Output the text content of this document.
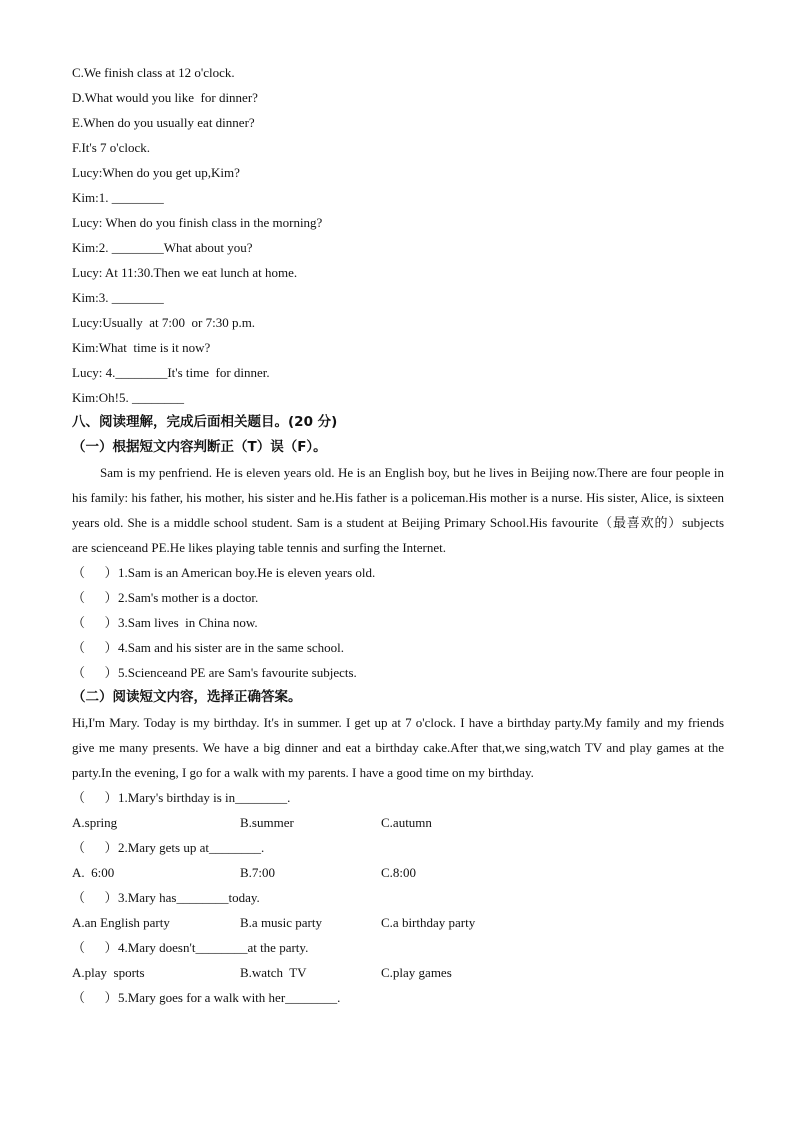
C.We finish class at 12 o'clock.
D.What would you like  for dinner?
E.When do you usually eat dinner?
F.It's 7 o'clock.
Lucy:When do you get up,Kim?
Kim:1. ________
Lucy: When do you finish class in the morning?
Kim:2. ________What about you?
Lucy: At 11:30.Then we eat lunch at home.
Kim:3. ________
Lucy:Usually  at 7:00  or 7:30 p.m.
Kim:What  time is it now?
Lucy: 4.________It's time  for dinner.
Kim:Oh!5. ________
八、阅读理解，完成后面相关题目。(20 分)
（一）根据短文内容判断正（T）误（F）。
Sam is my penfriend. He is eleven years old. He is an English boy, but he lives in Beijing now.There are four people in his family: his father, his mother, his sister and he.His father is a policeman.His mother is a nurse. His sister, Alice, is sixteen years old. She is a middle school student. Sam is a student at Beijing Primary School.His favourite（最喜欢的）subjects are scienceand PE.He likes playing table tennis and surfing the Internet.
（      ）1.Sam is an American boy.He is eleven years old.
（      ）2.Sam's mother is a doctor.
（      ）3.Sam lives  in China now.
（      ）4.Sam and his sister are in the same school.
（      ）5.Scienceand PE are Sam's favourite subjects.
（二）阅读短文内容，选择正确答案。
Hi,I'm Mary. Today is my birthday. It's in summer. I get up at 7 o'clock. I have a birthday party.My family and my friends give me many presents. We have a big dinner and eat a birthday cake.After that,we sing,watch TV and play games at the party.In the evening, I go for a walk with my parents. I have a good time on my birthday.
（      ）1.Mary's birthday is in________.
A.spring	B.summer	C.autumn
（      ）2.Mary gets up at________.
A.  6:00	B.7:00	C.8:00
（      ）3.Mary has________today.
A.an English party	B.a music party	C.a birthday party
（      ）4.Mary doesn't________at the party.
A.play  sports	B.watch  TV	C.play games
（      ）5.Mary goes for a walk with her________.
